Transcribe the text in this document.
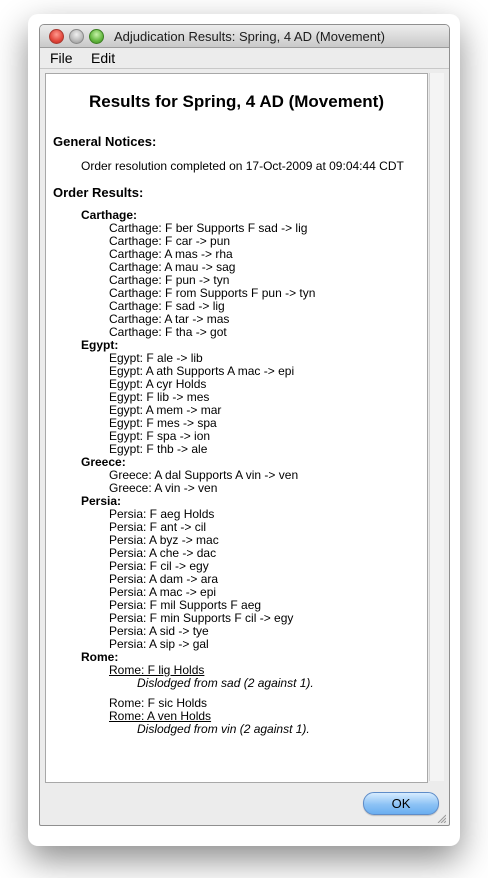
Adjudication Results: Spring, 4 AD (Movement)
File Edit
Results for Spring, 4 AD (Movement)
General Notices:
Order resolution completed on 17-Oct-2009 at 09:04:44 CDT
Order Results:
Carthage:
Carthage: F ber Supports F sad -> lig
Carthage: F car -> pun
Carthage: A mas -> rha
Carthage: A mau -> sag
Carthage: F pun -> tyn
Carthage: F rom Supports F pun -> tyn
Carthage: F sad -> lig
Carthage: A tar -> mas
Carthage: F tha -> got
Egypt:
Egypt: F ale -> lib
Egypt: A ath Supports A mac -> epi
Egypt: A cyr Holds
Egypt: F lib -> mes
Egypt: A mem -> mar
Egypt: F mes -> spa
Egypt: F spa -> ion
Egypt: F thb -> ale
Greece:
Greece: A dal Supports A vin -> ven
Greece: A vin -> ven
Persia:
Persia: F aeg Holds
Persia: F ant -> cil
Persia: A byz -> mac
Persia: A che -> dac
Persia: F cil -> egy
Persia: A dam -> ara
Persia: A mac -> epi
Persia: F mil Supports F aeg
Persia: F min Supports F cil -> egy
Persia: A sid -> tye
Persia: A sip -> gal
Rome:
Rome: F lig Holds
Dislodged from sad (2 against 1).
Rome: F sic Holds
Rome: A ven Holds
Dislodged from vin (2 against 1).
OK
